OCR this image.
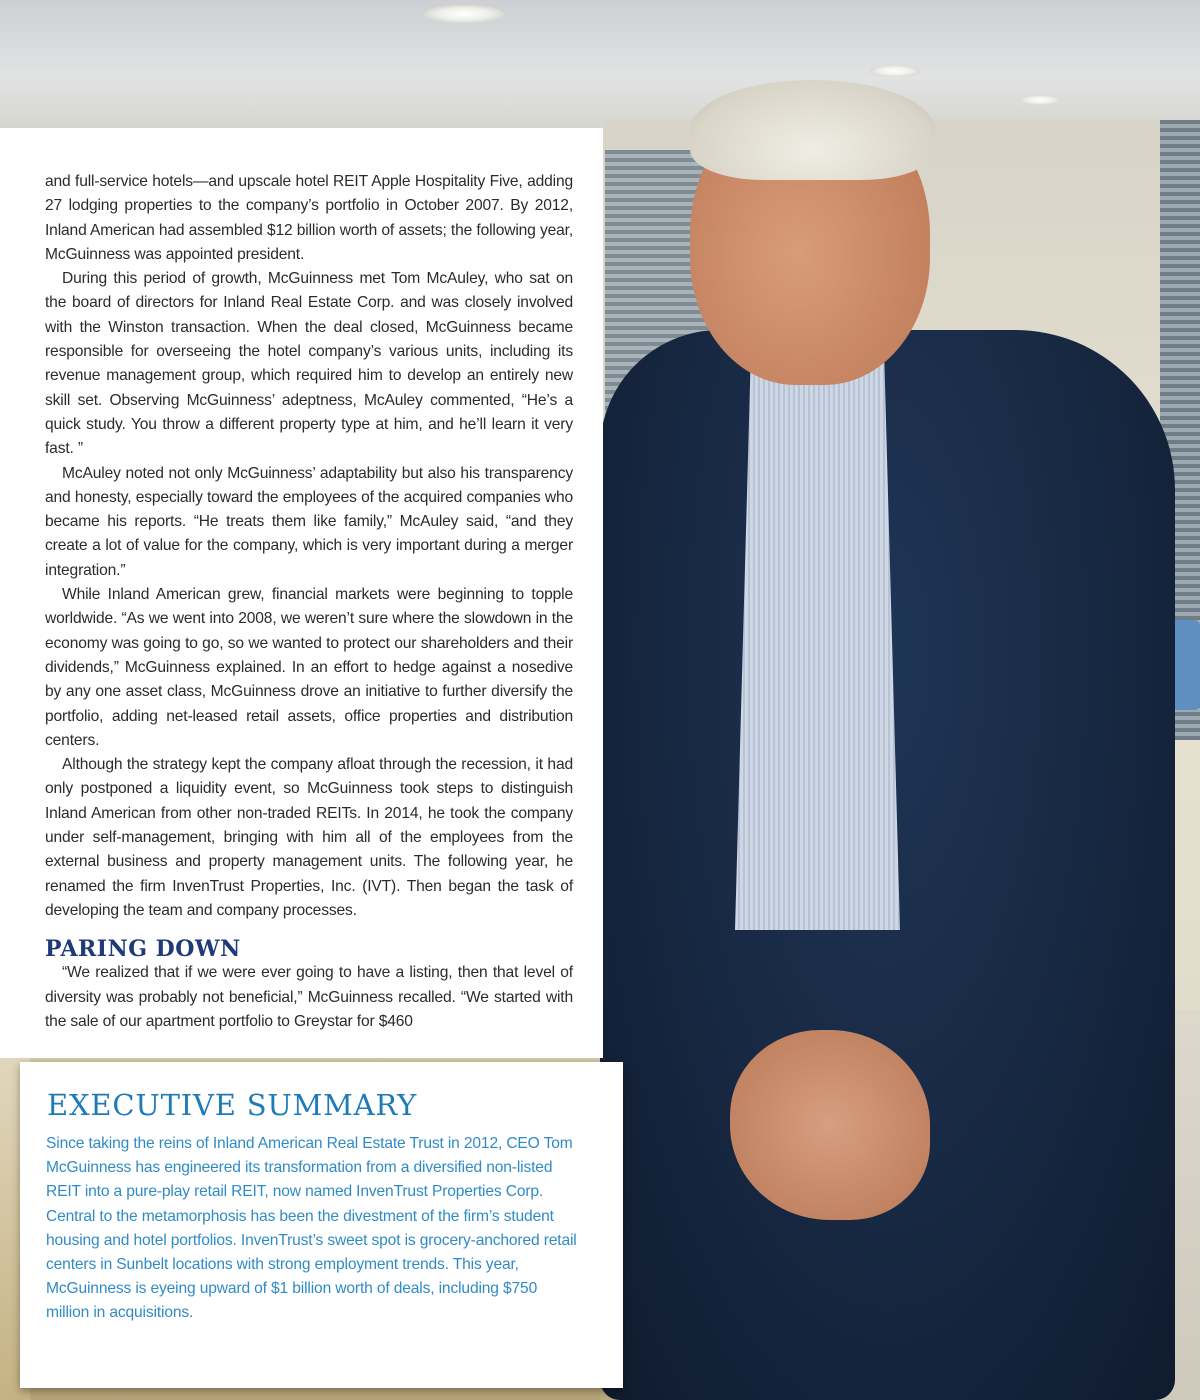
and full-service hotels—and upscale hotel REIT Apple Hospitality Five, adding 27 lodging properties to the company’s portfolio in October 2007. By 2012, Inland American had assembled $12 billion worth of assets; the following year, McGuinness was appointed president.

During this period of growth, McGuinness met Tom McAuley, who sat on the board of directors for Inland Real Estate Corp. and was closely involved with the Winston transaction. When the deal closed, McGuinness became responsible for overseeing the hotel company’s various units, including its revenue management group, which required him to develop an entirely new skill set. Observing McGuinness’ adeptness, McAuley commented, “He’s a quick study. You throw a different property type at him, and he’ll learn it very fast. ”

McAuley noted not only McGuinness’ adaptability but also his transparency and honesty, especially toward the employees of the acquired companies who became his reports. “He treats them like family,” McAuley said, “and they create a lot of value for the company, which is very important during a merger integration.”

While Inland American grew, financial markets were beginning to topple worldwide. “As we went into 2008, we weren’t sure where the slowdown in the economy was going to go, so we wanted to protect our shareholders and their dividends,” McGuinness explained. In an effort to hedge against a nosedive by any one asset class, McGuinness drove an initiative to further diversify the portfolio, adding net-leased retail assets, office properties and distribution centers.

Although the strategy kept the company afloat through the recession, it had only postponed a liquidity event, so McGuinness took steps to distinguish Inland American from other non-traded REITs. In 2014, he took the company under self-management, bringing with him all of the employees from the external business and property management units. The following year, he renamed the firm InvenTrust Properties, Inc. (IVT). Then began the task of developing the team and company processes.

PARING DOWN

“We realized that if we were ever going to have a listing, then that level of diversity was probably not beneficial,” McGuinness recalled. “We started with the sale of our apartment portfolio to Greystar for $460

EXECUTIVE SUMMARY
Since taking the reins of Inland American Real Estate Trust in 2012, CEO Tom McGuinness has engineered its transformation from a diversified non-listed REIT into a pure-play retail REIT, now named InvenTrust Properties Corp. Central to the metamorphosis has been the divestment of the firm’s student housing and hotel portfolios. InvenTrust’s sweet spot is grocery-anchored retail centers in Sunbelt locations with strong employment trends. This year, McGuinness is eyeing upward of $1 billion worth of deals, including $750 million in acquisitions.
